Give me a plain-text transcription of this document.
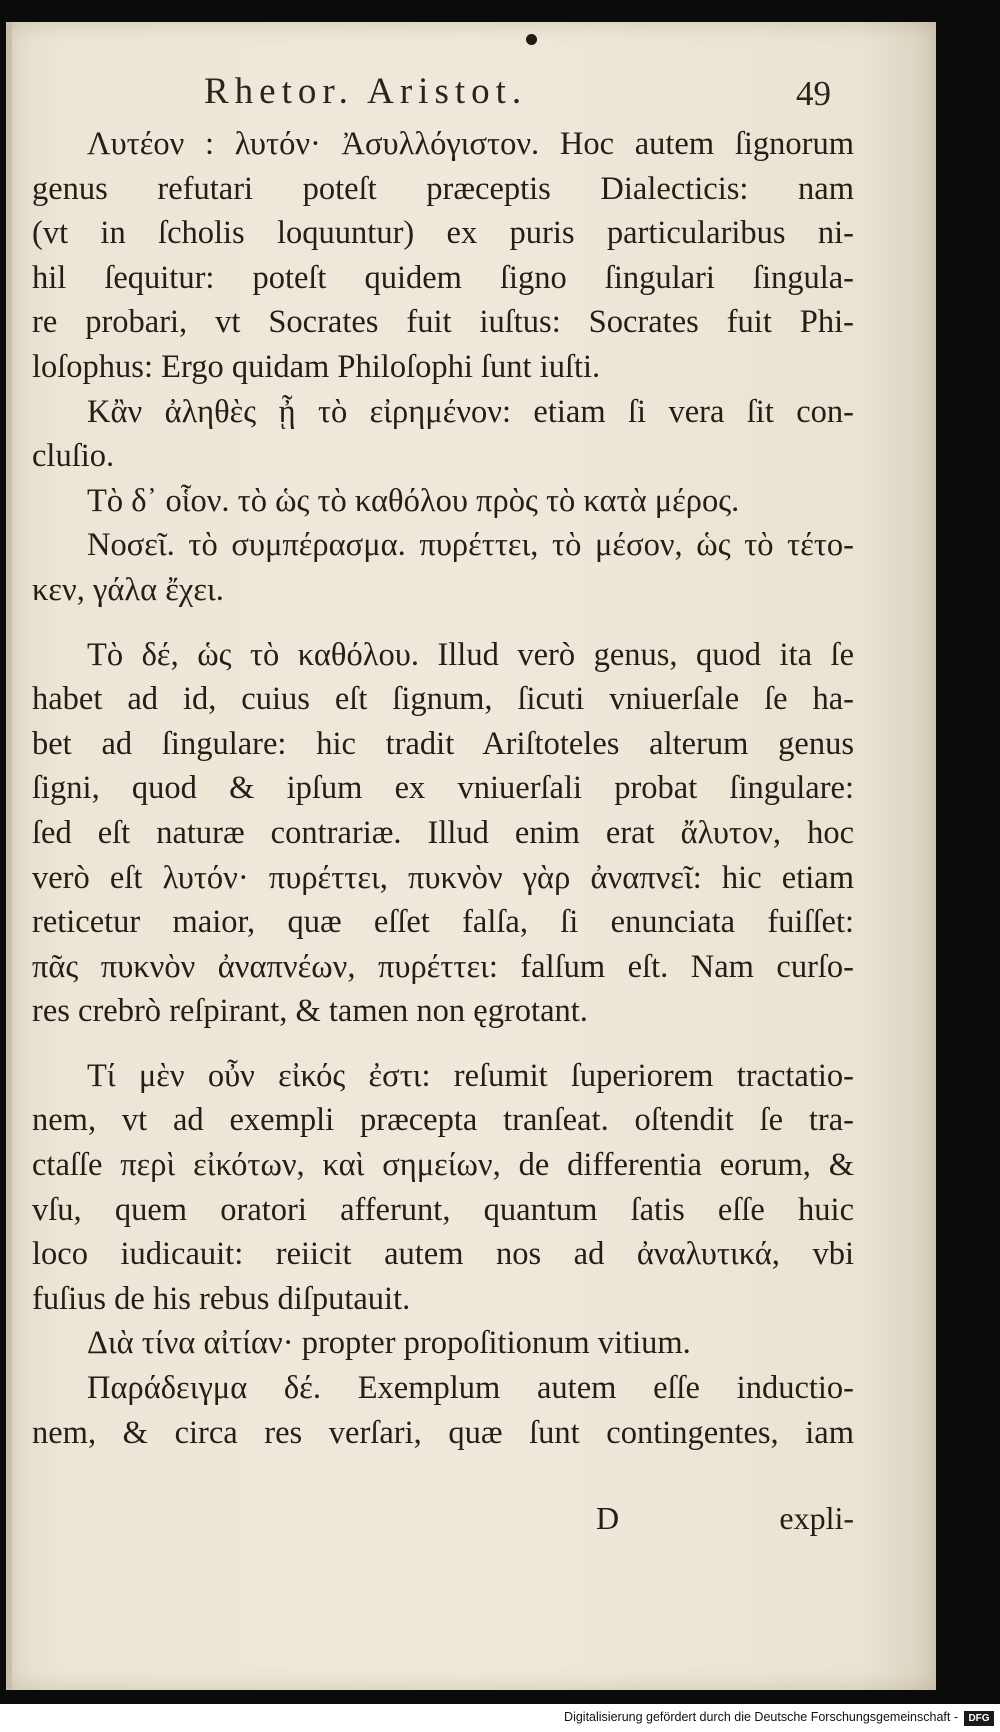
Rhetor. Aristot.	49
Λυτέον : λυτόν· Ἀσυλλόγιστον. Hoc autem ſignorum
genus refutari poteſt præceptis Dialecticis: nam
(vt in ſcholis loquuntur) ex puris particularibus ni-
hil ſequitur: poteſt quidem ſigno ſingulari ſingula-
re probari, vt Socrates fuit iuſtus: Socrates fuit Phi-
loſophus: Ergo quidam Philoſophi ſunt iuſti.
Κἂν ἀληθὲς ᾖ τὸ εἰρημένον: etiam ſi vera ſit con-
cluſio.
Τὸ δ᾽ οἷον. τὸ ὡς τὸ καθόλου πρὸς τὸ κατὰ μέρος.
Νοσεῖ. τὸ συμπέρασμα. πυρέττει, τὸ μέσον, ὡς τὸ τέτο-
κεν, γάλα ἔχει.
Τὸ δέ, ὡς τὸ καθόλου. Illud verò genus, quod ita ſe
habet ad id, cuius eſt ſignum, ſicuti vniuerſale ſe ha-
bet ad ſingulare: hic tradit Ariſtoteles alterum genus
ſigni, quod & ipſum ex vniuerſali probat ſingulare:
ſed eſt naturæ contrariæ. Illud enim erat ἄλυτον, hoc
verò eſt λυτόν· πυρέττει, πυκνὸν γὰρ ἀναπνεῖ: hic etiam
reticetur maior, quæ eſſet falſa, ſi enunciata fuiſſet:
πᾶς πυκνὸν ἀναπνέων, πυρέττει: falſum eſt. Nam curſo-
res crebrò reſpirant, & tamen non ęgrotant.
Τί μὲν οὖν εἰκός ἐστι: reſumit ſuperiorem tractatio-
nem, vt ad exempli præcepta tranſeat. oſtendit ſe tra-
ctaſſe περὶ εἰκότων, καὶ σημείων, de differentia eorum, &
vſu, quem oratori afferunt, quantum ſatis eſſe huic
loco iudicauit: reiicit autem nos ad ἀναλυτικά, vbi
fuſius de his rebus diſputauit.
Διὰ τίνα αἰτίαν· propter propoſitionum vitium.
Παράδειγμα δέ. Exemplum autem eſſe inductio-
nem, & circa res verſari, quæ ſunt contingentes, iam
D	expli-
Digitalisierung gefördert durch die Deutsche Forschungsgemeinschaft -	DFG
